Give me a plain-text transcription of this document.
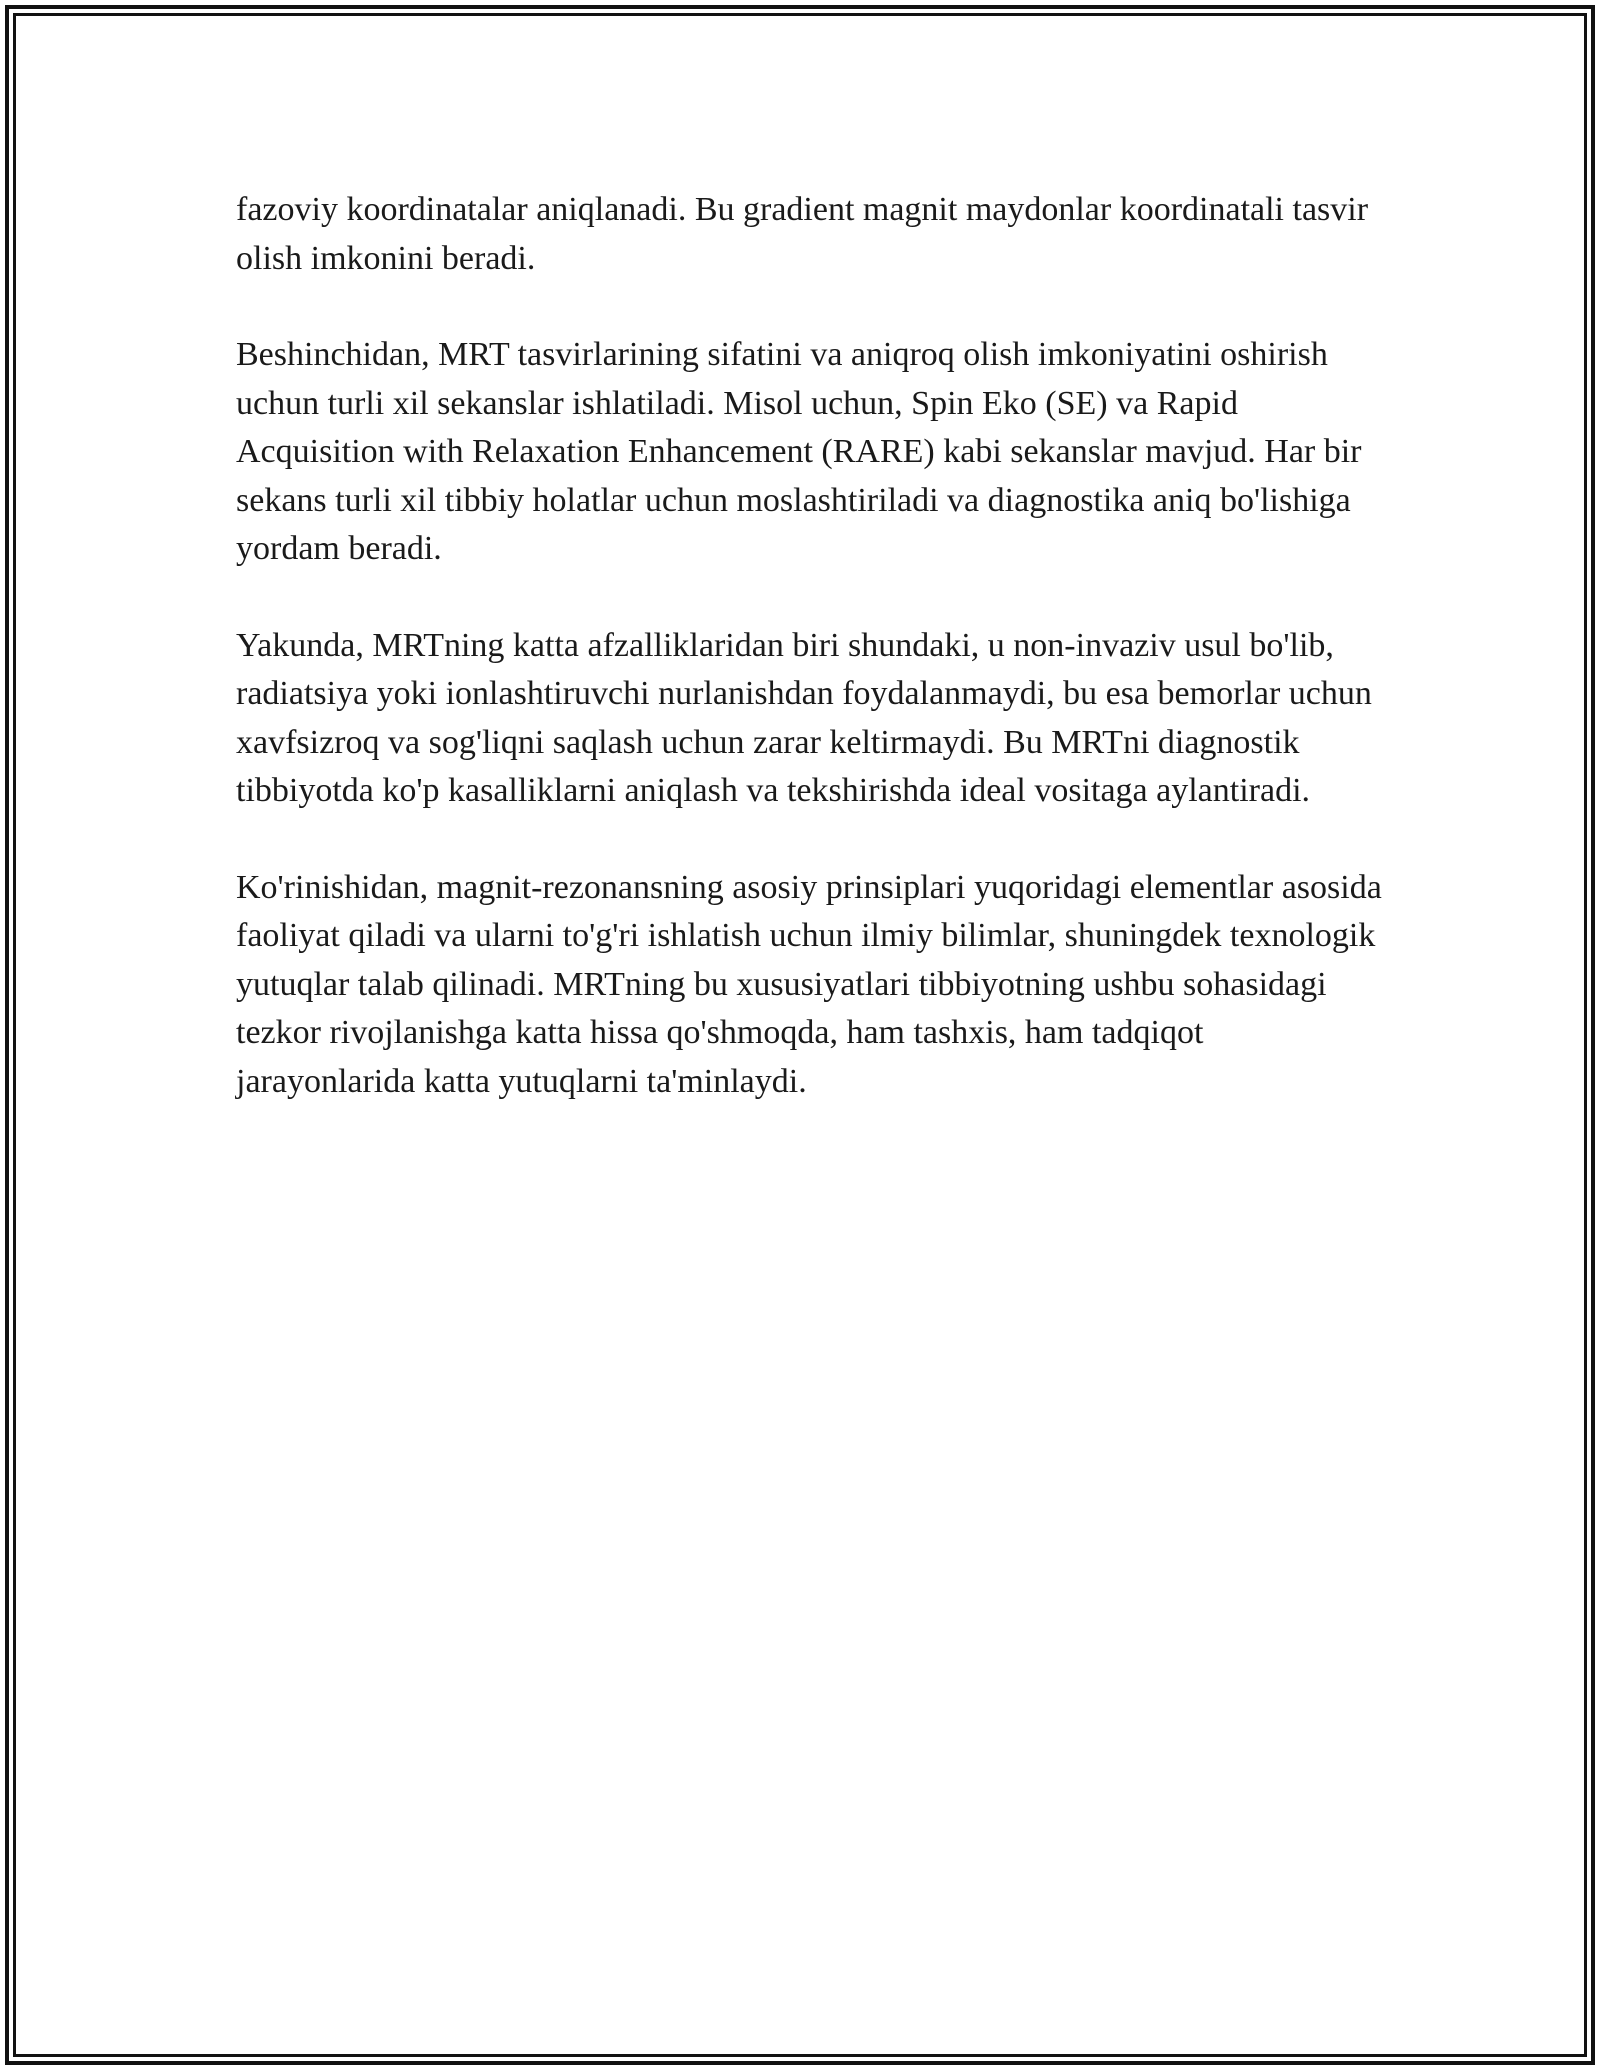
fazoviy koordinatalar aniqlanadi. Bu gradient magnit maydonlar koordinatali tasvir olish imkonini beradi.

Beshinchidan, MRT tasvirlarining sifatini va aniqroq olish imkoniyatini oshirish uchun turli xil sekanslar ishlatiladi. Misol uchun, Spin Eko (SE) va Rapid Acquisition with Relaxation Enhancement (RARE) kabi sekanslar mavjud. Har bir sekans turli xil tibbiy holatlar uchun moslashtiriladi va diagnostika aniq bo'lishiga yordam beradi.

Yakunda, MRTning katta afzalliklaridan biri shundaki, u non-invaziv usul bo'lib, radiatsiya yoki ionlashtiruvchi nurlanishdan foydalanmaydi, bu esa bemorlar uchun xavfsizroq va sog'liqni saqlash uchun zarar keltirmaydi. Bu MRTni diagnostik tibbiyotda ko'p kasalliklarni aniqlash va tekshirishda ideal vositaga aylantiradi.

Ko'rinishidan, magnit-rezonansning asosiy prinsiplari yuqoridagi elementlar asosida faoliyat qiladi va ularni to'g'ri ishlatish uchun ilmiy bilimlar, shuningdek texnologik yutuqlar talab qilinadi. MRTning bu xususiyatlari tibbiyotning ushbu sohasidagi tezkor rivojlanishga katta hissa qo'shmoqda, ham tashxis, ham tadqiqot jarayonlarida katta yutuqlarni ta'minlaydi.
